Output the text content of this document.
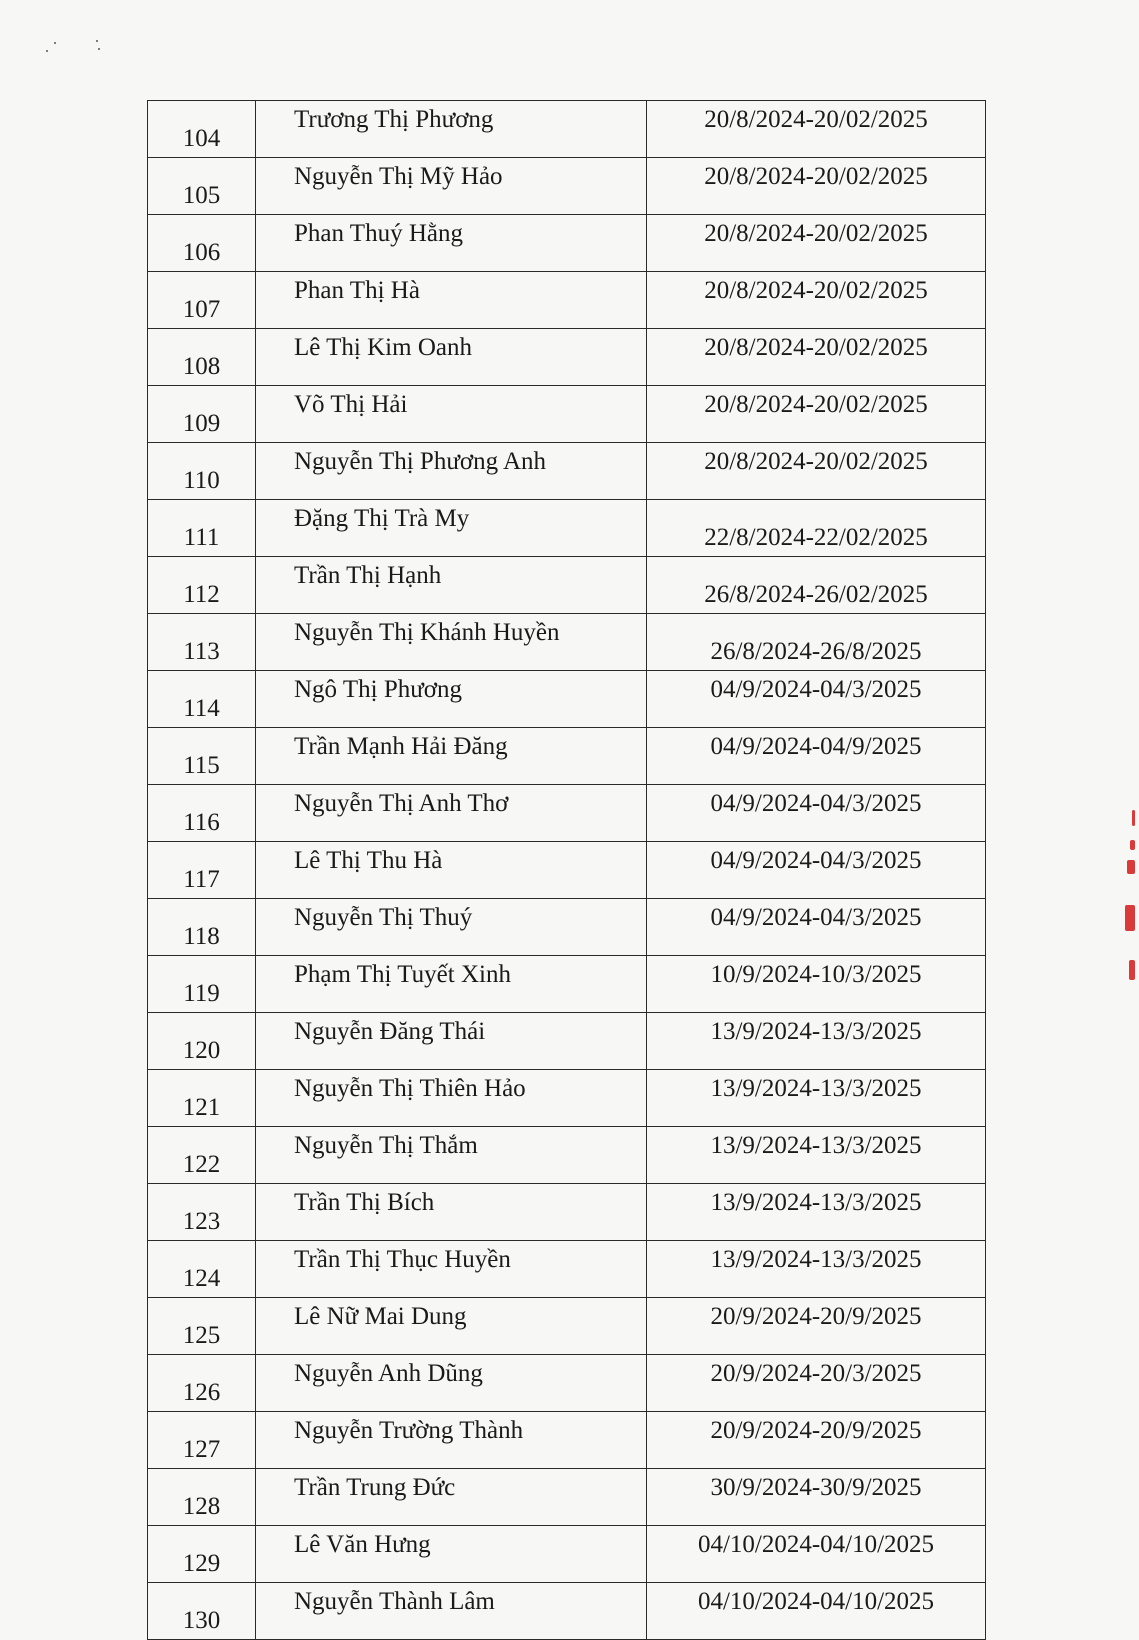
104	Trương Thị Phương	20/8/2024-20/02/2025
105	Nguyễn Thị Mỹ Hảo	20/8/2024-20/02/2025
106	Phan Thuý Hằng	20/8/2024-20/02/2025
107	Phan Thị Hà	20/8/2024-20/02/2025
108	Lê Thị Kim Oanh	20/8/2024-20/02/2025
109	Võ Thị Hải	20/8/2024-20/02/2025
110	Nguyễn Thị Phương Anh	20/8/2024-20/02/2025
111	Đặng Thị Trà My	22/8/2024-22/02/2025
112	Trần Thị Hạnh	26/8/2024-26/02/2025
113	Nguyễn Thị Khánh Huyền	26/8/2024-26/8/2025
114	Ngô Thị Phương	04/9/2024-04/3/2025
115	Trần Mạnh Hải Đăng	04/9/2024-04/9/2025
116	Nguyễn Thị Anh Thơ	04/9/2024-04/3/2025
117	Lê Thị Thu Hà	04/9/2024-04/3/2025
118	Nguyễn Thị Thuý	04/9/2024-04/3/2025
119	Phạm Thị Tuyết Xinh	10/9/2024-10/3/2025
120	Nguyễn Đăng Thái	13/9/2024-13/3/2025
121	Nguyễn Thị Thiên Hảo	13/9/2024-13/3/2025
122	Nguyễn Thị Thắm	13/9/2024-13/3/2025
123	Trần Thị Bích	13/9/2024-13/3/2025
124	Trần Thị Thục Huyền	13/9/2024-13/3/2025
125	Lê Nữ Mai Dung	20/9/2024-20/9/2025
126	Nguyễn Anh Dũng	20/9/2024-20/3/2025
127	Nguyễn Trường Thành	20/9/2024-20/9/2025
128	Trần Trung Đức	30/9/2024-30/9/2025
129	Lê Văn Hưng	04/10/2024-04/10/2025
130	Nguyễn Thành Lâm	04/10/2024-04/10/2025
